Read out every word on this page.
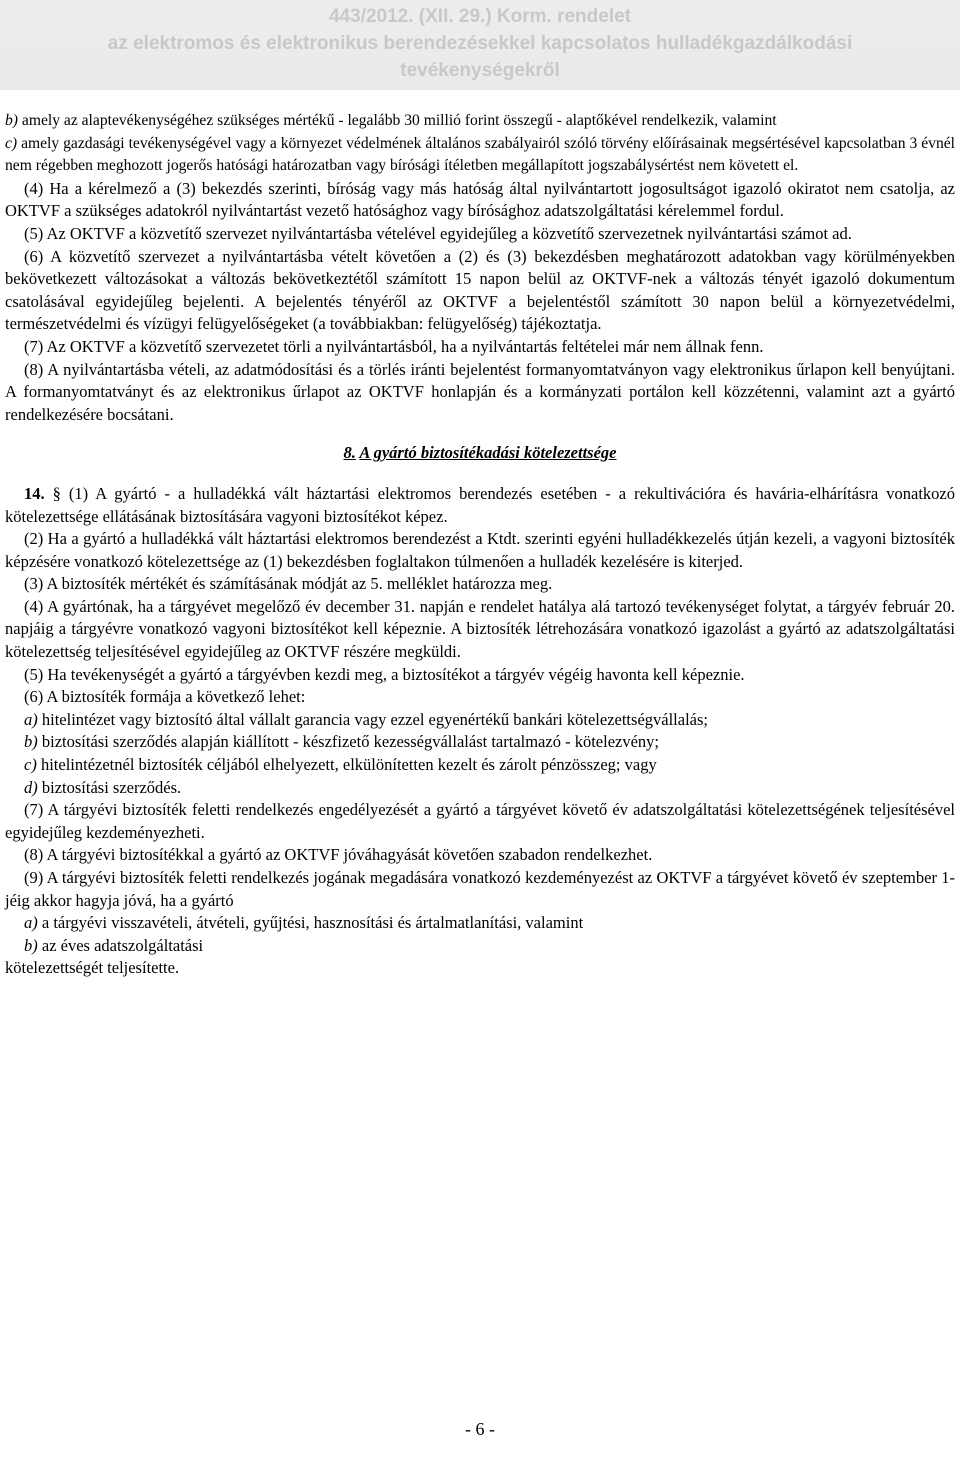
443/2012. (XII. 29.) Korm. rendelet
az elektromos és elektronikus berendezésekkel kapcsolatos hulladékgazdálkodási
tevékenységekről

b) amely az alaptevékenységéhez szükséges mértékű - legalább 30 millió forint összegű - alaptőkével rendelkezik, valamint

c) amely gazdasági tevékenységével vagy a környezet védelmének általános szabályairól szóló törvény előírásainak megsértésével kapcsolatban 3 évnél nem régebben meghozott jogerős hatósági határozatban vagy bírósági ítéletben megállapított jogszabálysértést nem követett el.

(4) Ha a kérelmező a (3) bekezdés szerinti, bíróság vagy más hatóság által nyilvántartott jogosultságot igazoló okiratot nem csatolja, az OKTVF a szükséges adatokról nyilvántartást vezető hatósághoz vagy bírósághoz adatszolgáltatási kérelemmel fordul.

(5) Az OKTVF a közvetítő szervezet nyilvántartásba vételével egyidejűleg a közvetítő szervezetnek nyilvántartási számot ad.

(6) A közvetítő szervezet a nyilvántartásba vételt követően a (2) és (3) bekezdésben meghatározott adatokban vagy körülményekben bekövetkezett változásokat a változás bekövetkeztétől számított 15 napon belül az OKTVF-nek a változás tényét igazoló dokumentum csatolásával egyidejűleg bejelenti. A bejelentés tényéről az OKTVF a bejelentéstől számított 30 napon belül a környezetvédelmi, természetvédelmi és vízügyi felügyelőségeket (a továbbiakban: felügyelőség) tájékoztatja.

(7) Az OKTVF a közvetítő szervezetet törli a nyilvántartásból, ha a nyilvántartás feltételei már nem állnak fenn.

(8) A nyilvántartásba vételi, az adatmódosítási és a törlés iránti bejelentést formanyomtatványon vagy elektronikus űrlapon kell benyújtani. A formanyomtatványt és az elektronikus űrlapot az OKTVF honlapján és a kormányzati portálon kell közzétenni, valamint azt a gyártó rendelkezésére bocsátani.

8. A gyártó biztosítékadási kötelezettsége

14. § (1) A gyártó - a hulladékká vált háztartási elektromos berendezés esetében - a rekultivációra és havária-elhárításra vonatkozó kötelezettsége ellátásának biztosítására vagyoni biztosítékot képez.

(2) Ha a gyártó a hulladékká vált háztartási elektromos berendezést a Ktdt. szerinti egyéni hulladékkezelés útján kezeli, a vagyoni biztosíték képzésére vonatkozó kötelezettsége az (1) bekezdésben foglaltakon túlmenően a hulladék kezelésére is kiterjed.

(3) A biztosíték mértékét és számításának módját az 5. melléklet határozza meg.

(4) A gyártónak, ha a tárgyévet megelőző év december 31. napján e rendelet hatálya alá tartozó tevékenységet folytat, a tárgyév február 20. napjáig a tárgyévre vonatkozó vagyoni biztosítékot kell képeznie. A biztosíték létrehozására vonatkozó igazolást a gyártó az adatszolgáltatási kötelezettség teljesítésével egyidejűleg az OKTVF részére megküldi.

(5) Ha tevékenységét a gyártó a tárgyévben kezdi meg, a biztosítékot a tárgyév végéig havonta kell képeznie.

(6) A biztosíték formája a következő lehet:

a) hitelintézet vagy biztosító által vállalt garancia vagy ezzel egyenértékű bankári kötelezettségvállalás;

b) biztosítási szerződés alapján kiállított - készfizető kezességvállalást tartalmazó - kötelezvény;

c) hitelintézetnél biztosíték céljából elhelyezett, elkülönítetten kezelt és zárolt pénzösszeg; vagy

d) biztosítási szerződés.

(7) A tárgyévi biztosíték feletti rendelkezés engedélyezését a gyártó a tárgyévet követő év adatszolgáltatási kötelezettségének teljesítésével egyidejűleg kezdeményezheti.

(8) A tárgyévi biztosítékkal a gyártó az OKTVF jóváhagyását követően szabadon rendelkezhet.

(9) A tárgyévi biztosíték feletti rendelkezés jogának megadására vonatkozó kezdeményezést az OKTVF a tárgyévet követő év szeptember 1-jéig akkor hagyja jóvá, ha a gyártó

a) a tárgyévi visszavételi, átvételi, gyűjtési, hasznosítási és ártalmatlanítási, valamint

b) az éves adatszolgáltatási

kötelezettségét teljesítette.

- 6 -
